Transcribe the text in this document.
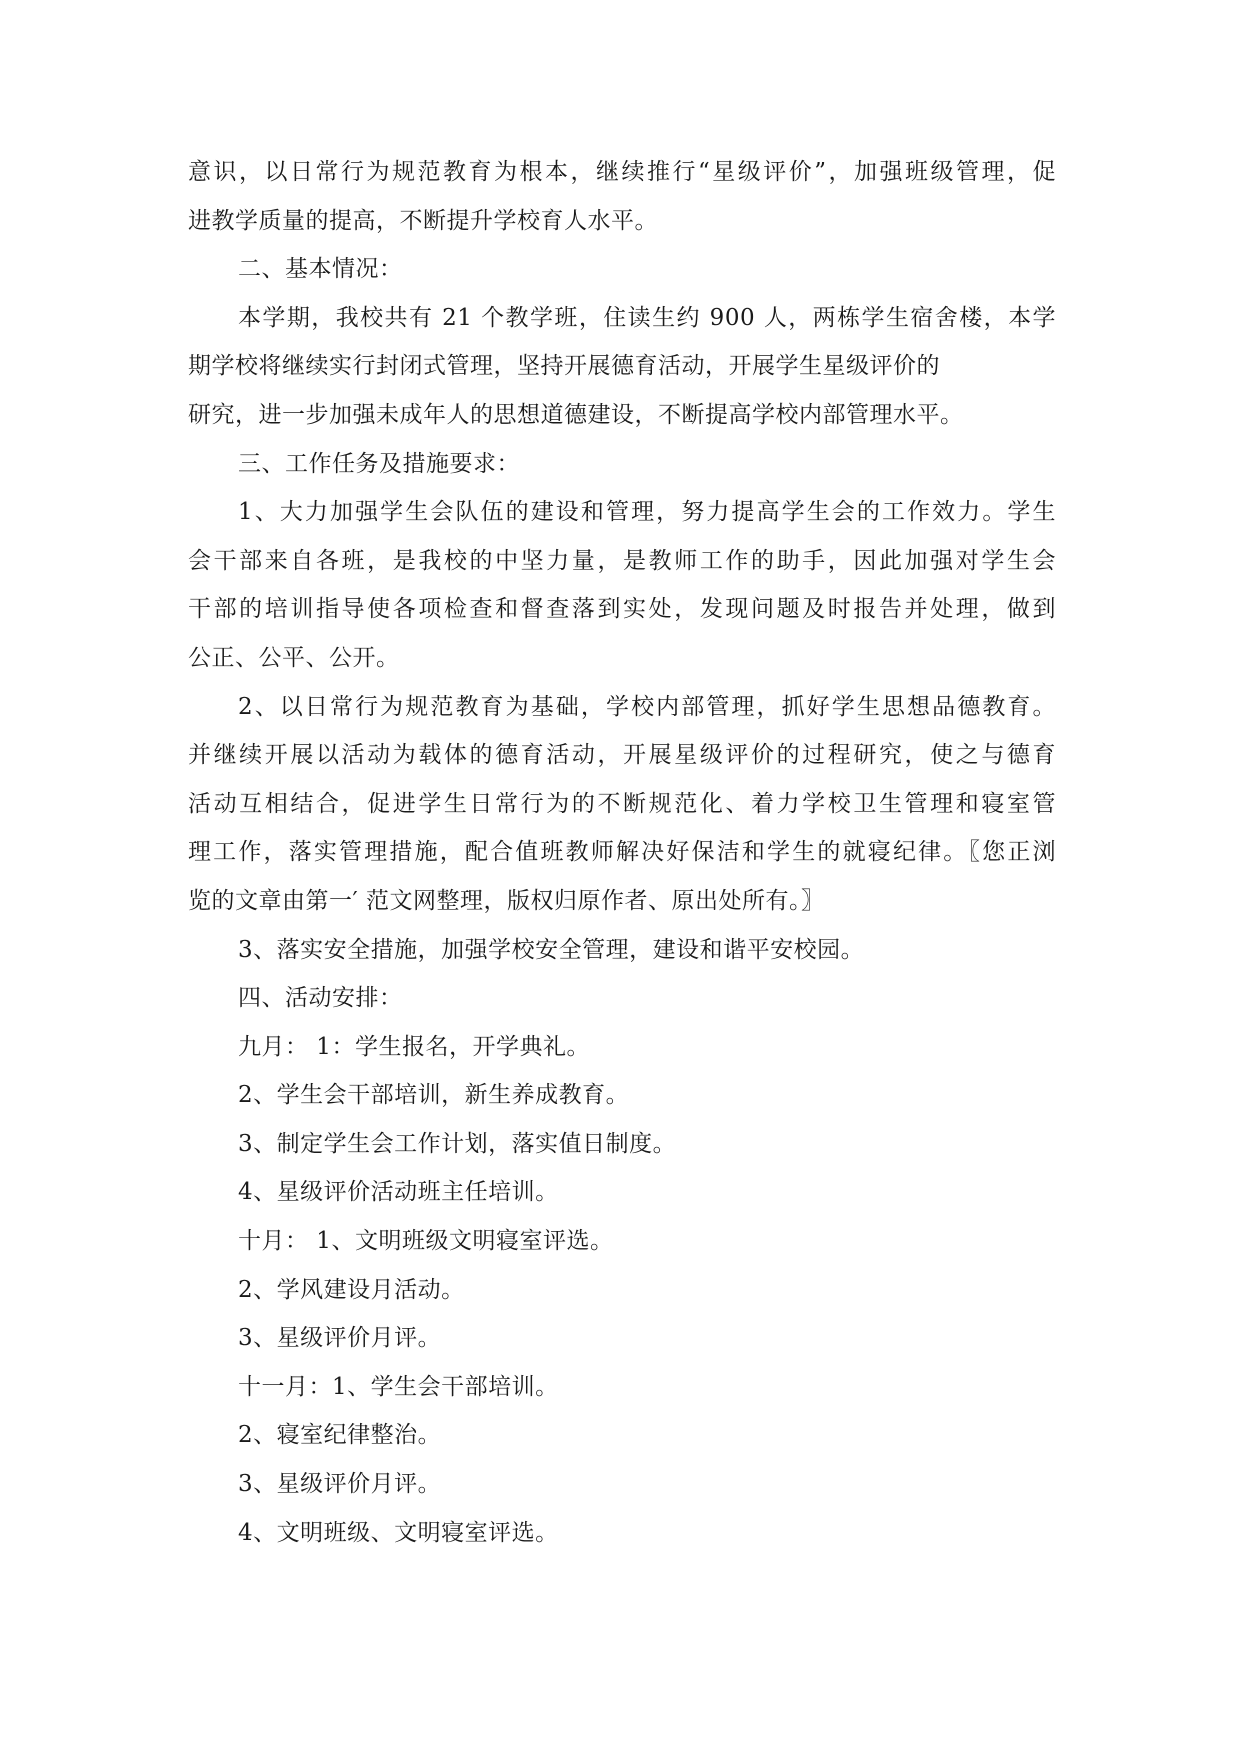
意识，以日常行为规范教育为根本，继续推行“星级评价”，加强班级管理，促
进教学质量的提高，不断提升学校育人水平。
二、基本情况：
本学期，我校共有 21 个教学班，住读生约 900 人，两栋学生宿舍楼，本学
期学校将继续实行封闭式管理，坚持开展德育活动，开展学生星级评价的
研究，进一步加强未成年人的思想道德建设，不断提高学校内部管理水平。
三、工作任务及措施要求：
1、大力加强学生会队伍的建设和管理，努力提高学生会的工作效力。学生
会干部来自各班，是我校的中坚力量，是教师工作的助手，因此加强对学生会
干部的培训指导使各项检查和督查落到实处，发现问题及时报告并处理，做到
公正、公平、公开。
2、以日常行为规范教育为基础，学校内部管理，抓好学生思想品德教育。
并继续开展以活动为载体的德育活动，开展星级评价的过程研究，使之与德育
活动互相结合，促进学生日常行为的不断规范化、着力学校卫生管理和寝室管
理工作，落实管理措施，配合值班教师解决好保洁和学生的就寝纪律。〖您正浏
览的文章由第一′ 范文网整理，版权归原作者、原出处所有。〗
3、落实安全措施，加强学校安全管理，建设和谐平安校园。
四、活动安排：
九月： 1：学生报名，开学典礼。
2、学生会干部培训，新生养成教育。
3、制定学生会工作计划，落实值日制度。
4、星级评价活动班主任培训。
十月： 1、文明班级文明寝室评选。
2、学风建设月活动。
3、星级评价月评。
十一月：1、学生会干部培训。
2、寝室纪律整治。
3、星级评价月评。
4、文明班级、文明寝室评选。
